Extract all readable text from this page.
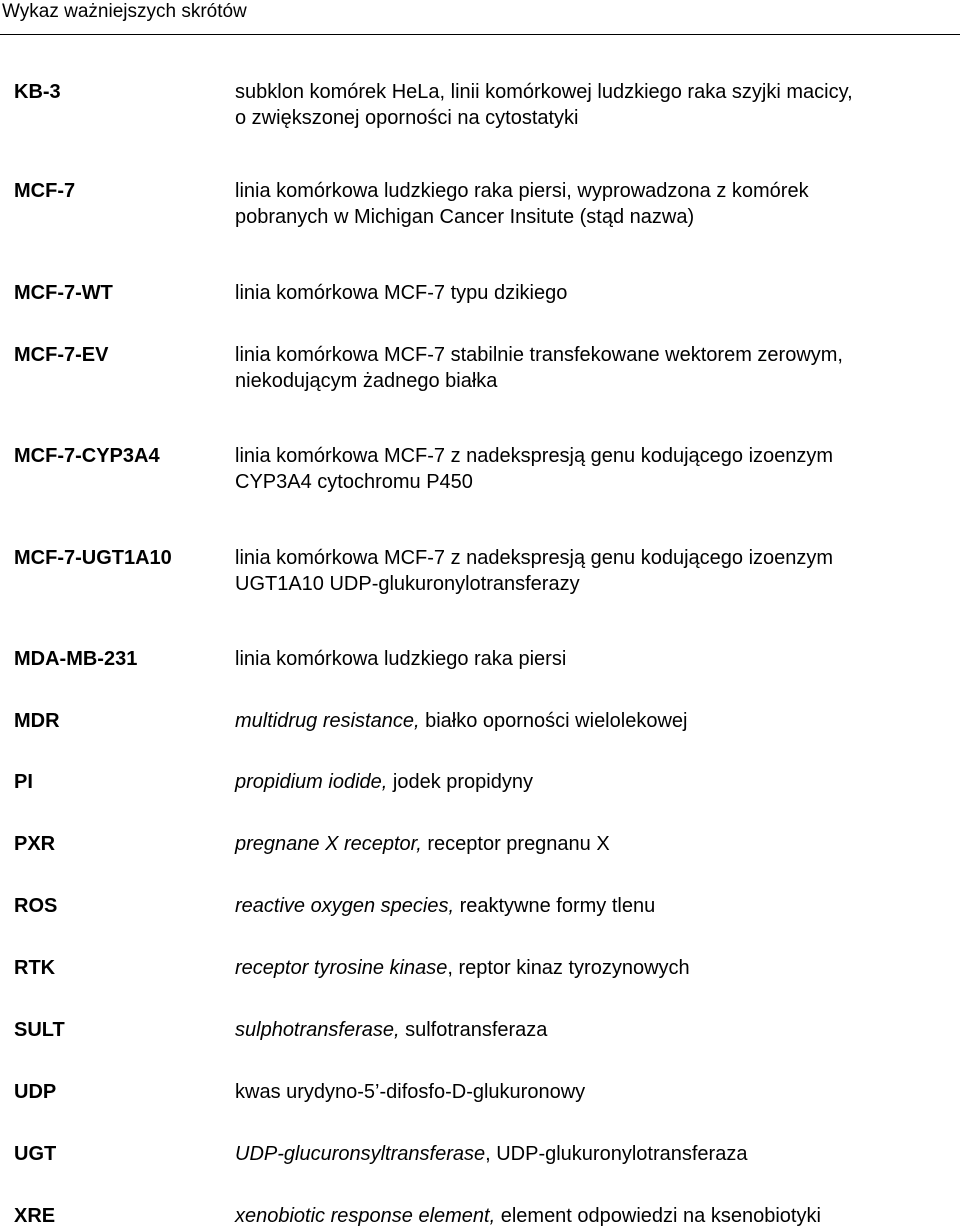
Wykaz ważniejszych skrótów
KB-3	subklon komórek HeLa, linii komórkowej ludzkiego raka szyjki macicy,
o zwiększonej oporności na cytostatyki
MCF-7	linia komórkowa ludzkiego raka piersi, wyprowadzona z komórek
pobranych w Michigan Cancer Insitute (stąd nazwa)
MCF-7-WT	linia komórkowa MCF-7 typu dzikiego
MCF-7-EV	linia komórkowa MCF-7 stabilnie transfekowane wektorem zerowym,
niekodującym żadnego białka
MCF-7-CYP3A4	linia komórkowa MCF-7 z nadekspresją genu kodującego izoenzym
CYP3A4 cytochromu P450
MCF-7-UGT1A10	linia komórkowa MCF-7 z nadekspresją genu kodującego izoenzym
UGT1A10 UDP-glukuronylotransferazy
MDA-MB-231	linia komórkowa ludzkiego raka piersi
MDR	multidrug resistance, białko oporności wielolekowej
PI	propidium iodide, jodek propidyny
PXR	pregnane X receptor, receptor pregnanu X
ROS	reactive oxygen species, reaktywne formy tlenu
RTK	receptor tyrosine kinase, reptor kinaz tyrozynowych
SULT	sulphotransferase, sulfotransferaza
UDP	kwas urydyno-5’-difosfo-D-glukuronowy
UGT	UDP-glucuronsyltransferase, UDP-glukuronylotransferaza
XRE	xenobiotic response element, element odpowiedzi na ksenobiotyki
